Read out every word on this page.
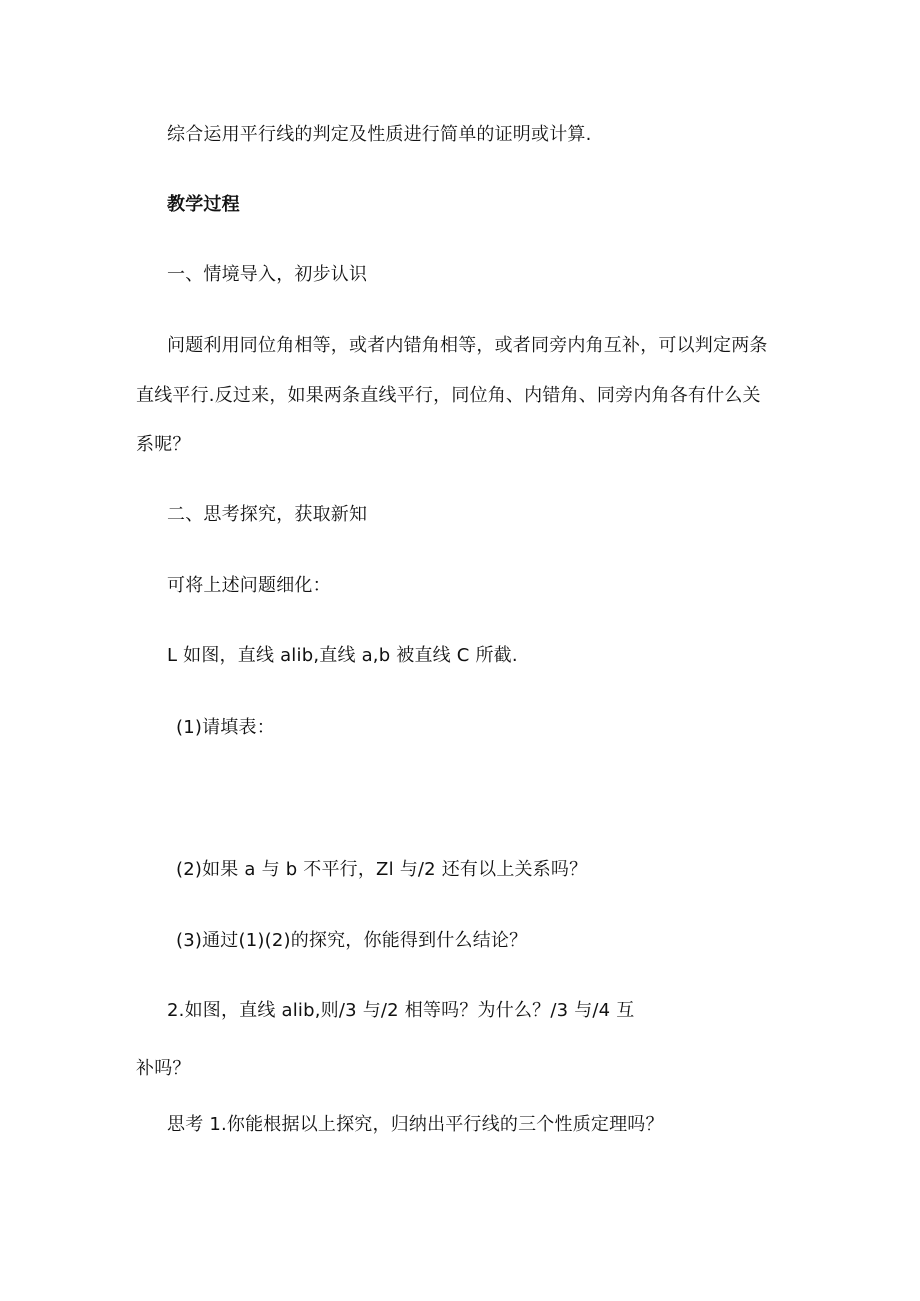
综合运用平行线的判定及性质进行简单的证明或计算.
教学过程
一、情境导入，初步认识
问题利用同位角相等，或者内错角相等，或者同旁内角互补，可以判定两条
直线平行.反过来，如果两条直线平行，同位角、内错角、同旁内角各有什么关
系呢？
二、思考探究，获取新知
可将上述问题细化：
L 如图，直线 alib,直线 a,b 被直线 C 所截.
(1)请填表：
(2)如果 a 与 b 不平行，Zl 与/2 还有以上关系吗？
(3)通过(1)(2)的探究，你能得到什么结论？
2.如图，直线 alib,则/3 与/2 相等吗？为什么？/3 与/4 互
补吗？
思考 1.你能根据以上探究，归纳出平行线的三个性质定理吗？
